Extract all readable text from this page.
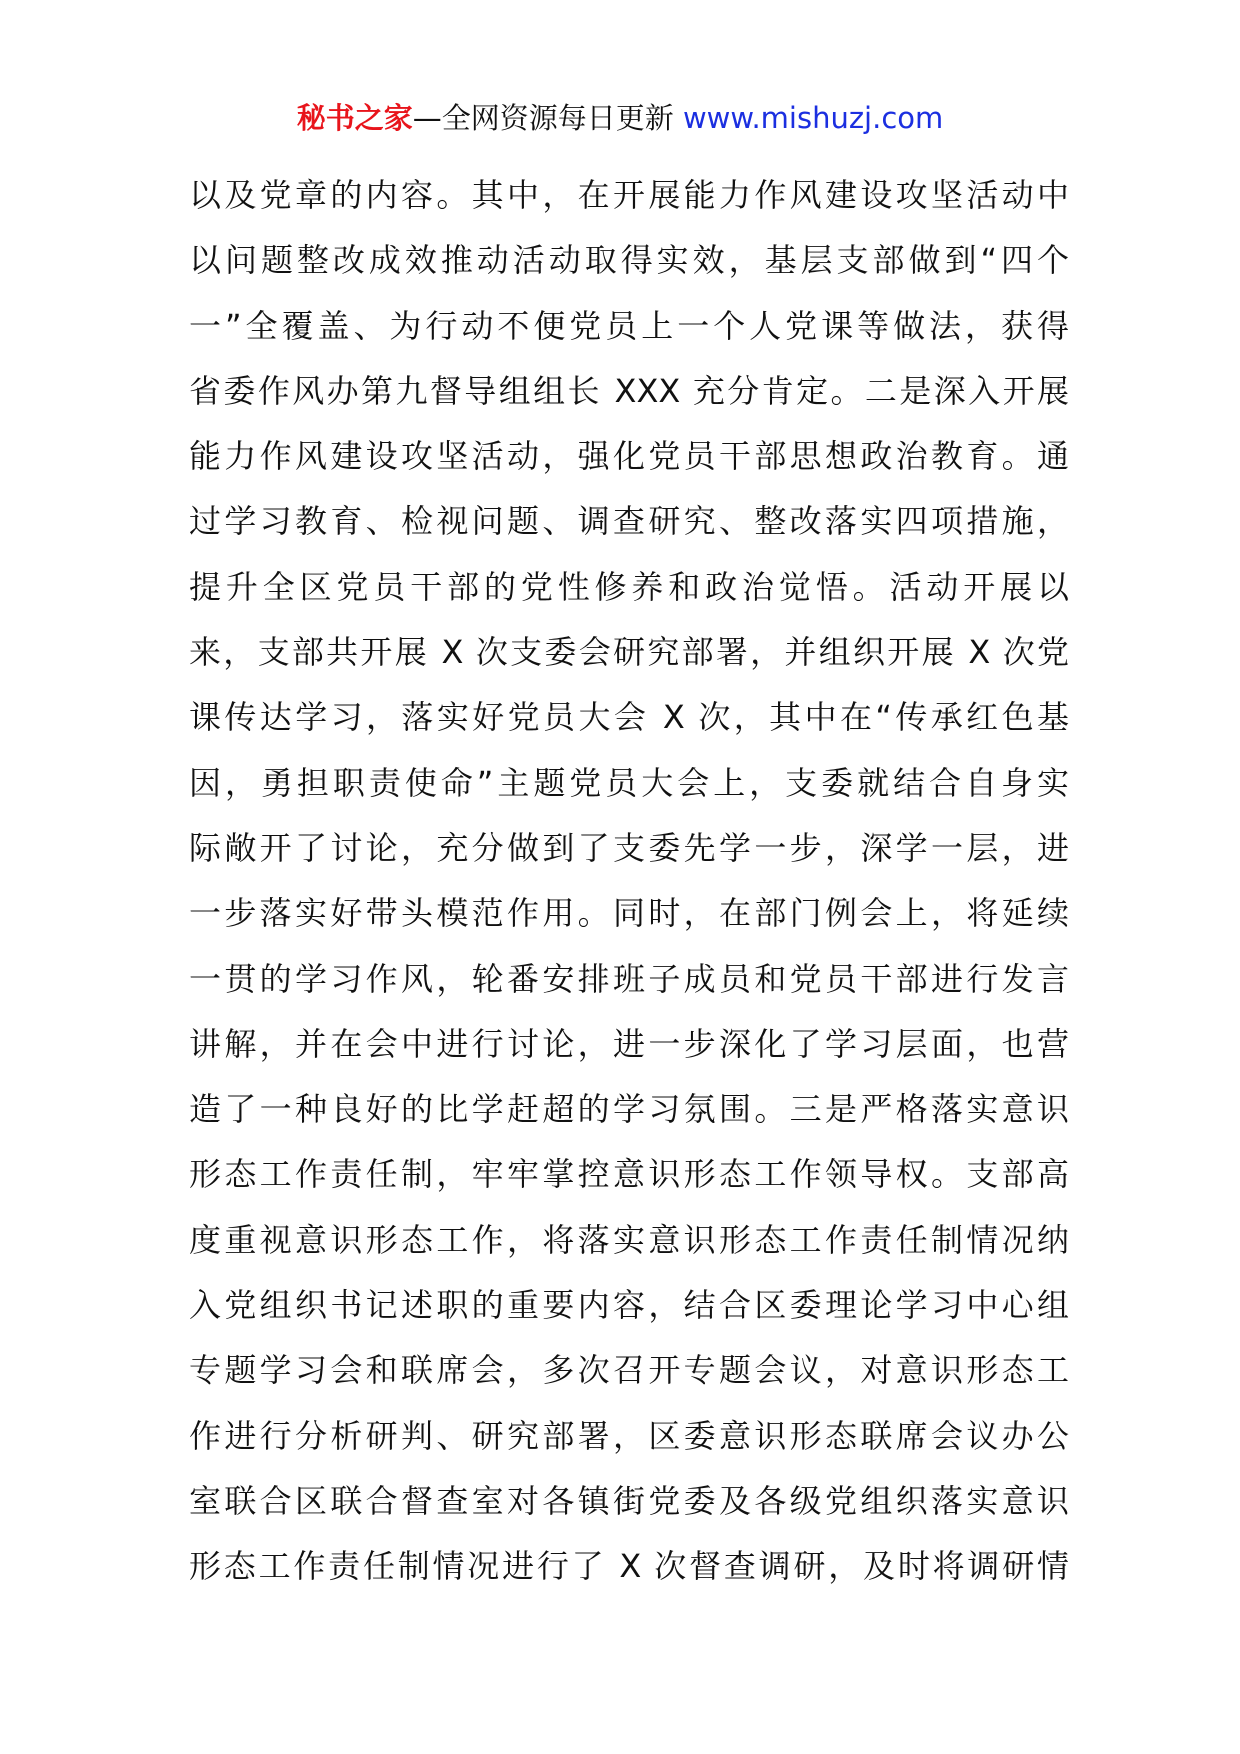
秘书之家—全网资源每日更新 www.mishuzj.com
以及党章的内容。其中，在开展能力作风建设攻坚活动中
以问题整改成效推动活动取得实效，基层支部做到“四个
一”全覆盖、为行动不便党员上一个人党课等做法，获得
省委作风办第九督导组组长 XXX 充分肯定。二是深入开展
能力作风建设攻坚活动，强化党员干部思想政治教育。通
过学习教育、检视问题、调查研究、整改落实四项措施，
提升全区党员干部的党性修养和政治觉悟。活动开展以
来，支部共开展 X 次支委会研究部署，并组织开展 X 次党
课传达学习，落实好党员大会 X 次，其中在“传承红色基
因，勇担职责使命”主题党员大会上，支委就结合自身实
际敞开了讨论，充分做到了支委先学一步，深学一层，进
一步落实好带头模范作用。同时，在部门例会上，将延续
一贯的学习作风，轮番安排班子成员和党员干部进行发言
讲解，并在会中进行讨论，进一步深化了学习层面，也营
造了一种良好的比学赶超的学习氛围。三是严格落实意识
形态工作责任制，牢牢掌控意识形态工作领导权。支部高
度重视意识形态工作，将落实意识形态工作责任制情况纳
入党组织书记述职的重要内容，结合区委理论学习中心组
专题学习会和联席会，多次召开专题会议，对意识形态工
作进行分析研判、研究部署，区委意识形态联席会议办公
室联合区联合督查室对各镇街党委及各级党组织落实意识
形态工作责任制情况进行了 X 次督查调研，及时将调研情
